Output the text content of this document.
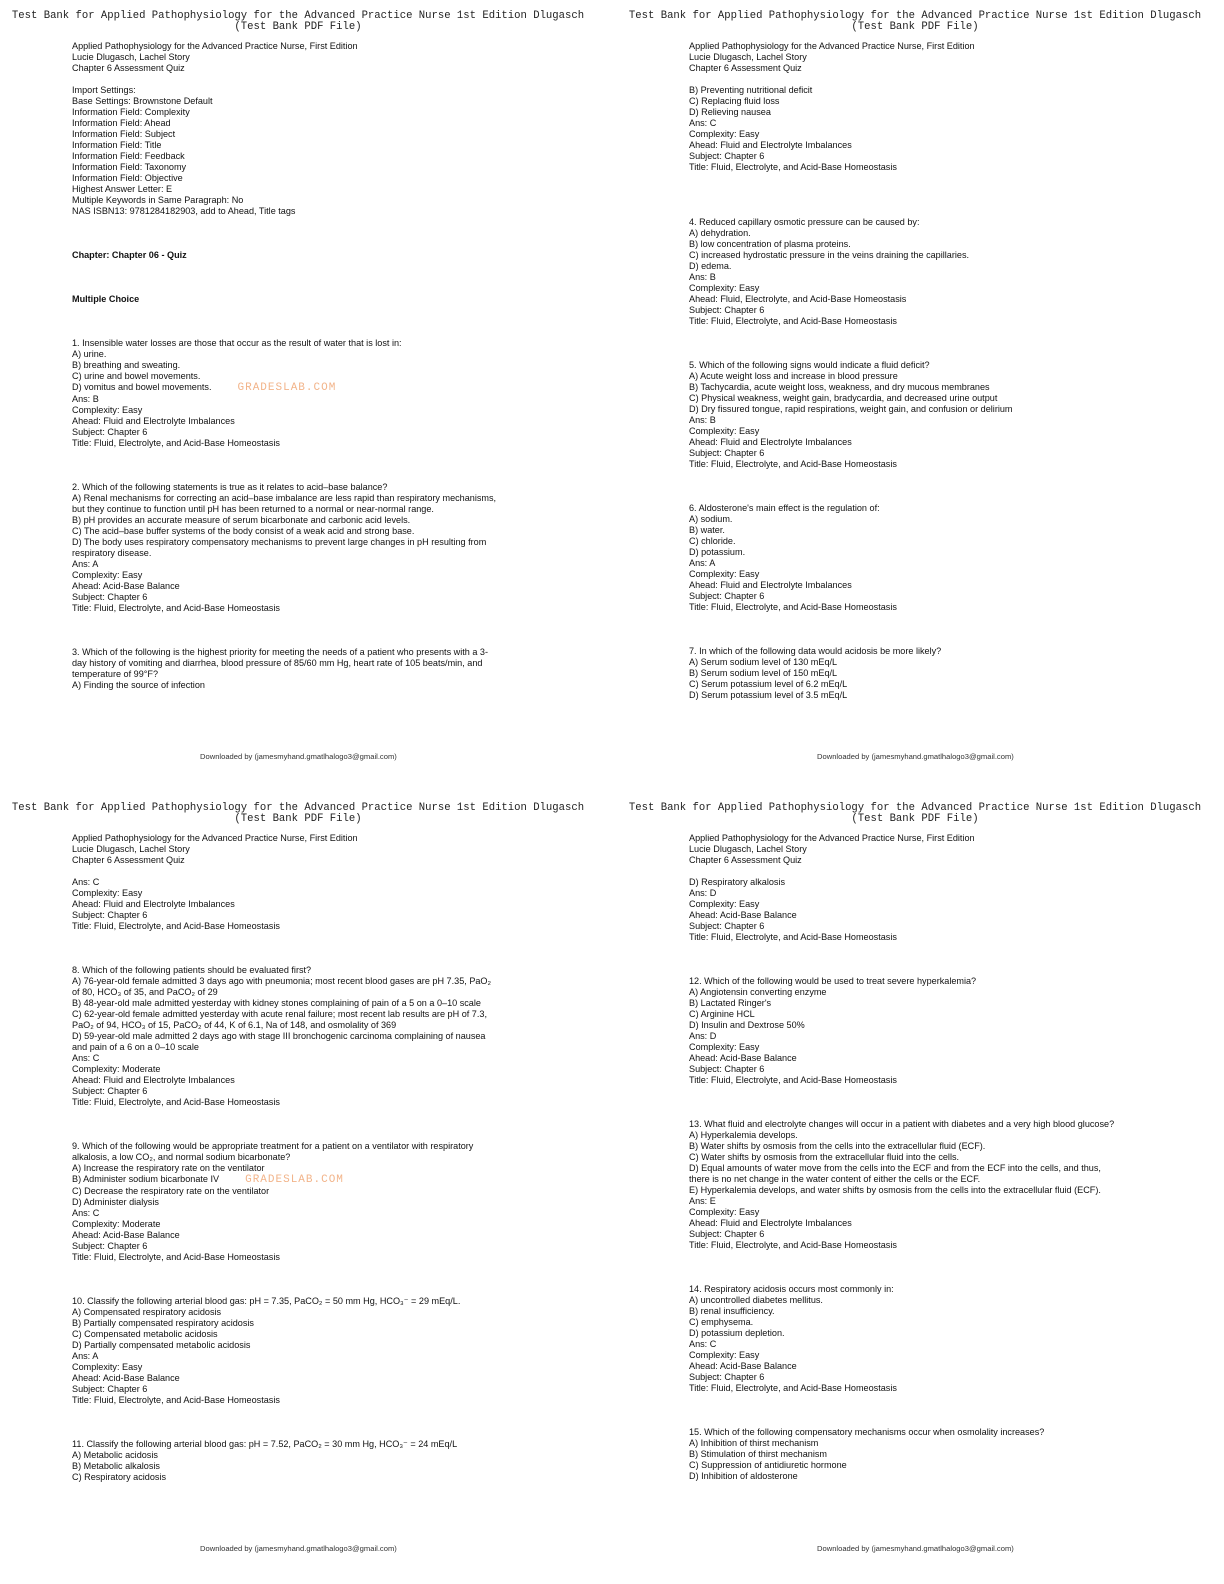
Test Bank for Applied Pathophysiology for the Advanced Practice Nurse 1st Edition Dlugasch
(Test Bank PDF File)
Applied Pathophysiology for the Advanced Practice Nurse, First Edition
Lucie Dlugasch, Lachel Story
Chapter 6 Assessment Quiz
Import Settings:
Base Settings: Brownstone Default
Information Field: Complexity
Information Field: Ahead
Information Field: Subject
Information Field: Title
Information Field: Feedback
Information Field: Taxonomy
Information Field: Objective
Highest Answer Letter: E
Multiple Keywords in Same Paragraph: No
NAS ISBN13: 9781284182903, add to Ahead, Title tags
Chapter: Chapter 06 - Quiz
Multiple Choice
1. Insensible water losses are those that occur as the result of water that is lost in:
A) urine.
B) breathing and sweating.
C) urine and bowel movements.
D) vomitus and bowel movements. GRADESLAB.COM
Ans: B
Complexity: Easy
Ahead: Fluid and Electrolyte Imbalances
Subject: Chapter 6
Title: Fluid, Electrolyte, and Acid-Base Homeostasis
2. Which of the following statements is true as it relates to acid–base balance?
A) Renal mechanisms for correcting an acid–base imbalance are less rapid than respiratory mechanisms,
but they continue to function until pH has been returned to a normal or near-normal range.
B) pH provides an accurate measure of serum bicarbonate and carbonic acid levels.
C) The acid–base buffer systems of the body consist of a weak acid and strong base.
D) The body uses respiratory compensatory mechanisms to prevent large changes in pH resulting from
respiratory disease.
Ans: A
Complexity: Easy
Ahead: Acid-Base Balance
Subject: Chapter 6
Title: Fluid, Electrolyte, and Acid-Base Homeostasis
3. Which of the following is the highest priority for meeting the needs of a patient who presents with a 3-
day history of vomiting and diarrhea, blood pressure of 85/60 mm Hg, heart rate of 105 beats/min, and
temperature of 99°F?
A) Finding the source of infection
Downloaded by (jamesmyhand.gmatlhalogo3@gmail.com)
Test Bank for Applied Pathophysiology for the Advanced Practice Nurse 1st Edition Dlugasch
(Test Bank PDF File)
Applied Pathophysiology for the Advanced Practice Nurse, First Edition
Lucie Dlugasch, Lachel Story
Chapter 6 Assessment Quiz
B) Preventing nutritional deficit
C) Replacing fluid loss
D) Relieving nausea
Ans: C
Complexity: Easy
Ahead: Fluid and Electrolyte Imbalances
Subject: Chapter 6
Title: Fluid, Electrolyte, and Acid-Base Homeostasis
4. Reduced capillary osmotic pressure can be caused by:
A) dehydration.
B) low concentration of plasma proteins.
C) increased hydrostatic pressure in the veins draining the capillaries.
D) edema.
Ans: B
Complexity: Easy
Ahead: Fluid, Electrolyte, and Acid-Base Homeostasis
Subject: Chapter 6
Title: Fluid, Electrolyte, and Acid-Base Homeostasis
5. Which of the following signs would indicate a fluid deficit?
A) Acute weight loss and increase in blood pressure
B) Tachycardia, acute weight loss, weakness, and dry mucous membranes
C) Physical weakness, weight gain, bradycardia, and decreased urine output
D) Dry fissured tongue, rapid respirations, weight gain, and confusion or delirium
Ans: B
Complexity: Easy
Ahead: Fluid and Electrolyte Imbalances
Subject: Chapter 6
Title: Fluid, Electrolyte, and Acid-Base Homeostasis
6. Aldosterone's main effect is the regulation of:
A) sodium.
B) water.
C) chloride.
D) potassium.
Ans: A
Complexity: Easy
Ahead: Fluid and Electrolyte Imbalances
Subject: Chapter 6
Title: Fluid, Electrolyte, and Acid-Base Homeostasis
7. In which of the following data would acidosis be more likely?
A) Serum sodium level of 130 mEq/L
B) Serum sodium level of 150 mEq/L
C) Serum potassium level of 6.2 mEq/L
D) Serum potassium level of 3.5 mEq/L
Downloaded by (jamesmyhand.gmatlhalogo3@gmail.com)
Test Bank for Applied Pathophysiology for the Advanced Practice Nurse 1st Edition Dlugasch
(Test Bank PDF File)
Applied Pathophysiology for the Advanced Practice Nurse, First Edition
Lucie Dlugasch, Lachel Story
Chapter 6 Assessment Quiz
Ans: C
Complexity: Easy
Ahead: Fluid and Electrolyte Imbalances
Subject: Chapter 6
Title: Fluid, Electrolyte, and Acid-Base Homeostasis
8. Which of the following patients should be evaluated first?
A) 76-year-old female admitted 3 days ago with pneumonia; most recent blood gases are pH 7.35, PaO₂
of 80, HCO₃ of 35, and PaCO₂ of 29
B) 48-year-old male admitted yesterday with kidney stones complaining of pain of a 5 on a 0–10 scale
C) 62-year-old female admitted yesterday with acute renal failure; most recent lab results are pH of 7.3,
PaO₂ of 94, HCO₃ of 15, PaCO₂ of 44, K of 6.1, Na of 148, and osmolality of 369
D) 59-year-old male admitted 2 days ago with stage III bronchogenic carcinoma complaining of nausea
and pain of a 6 on a 0–10 scale
Ans: C
Complexity: Moderate
Ahead: Fluid and Electrolyte Imbalances
Subject: Chapter 6
Title: Fluid, Electrolyte, and Acid-Base Homeostasis
9. Which of the following would be appropriate treatment for a patient on a ventilator with respiratory
alkalosis, a low CO₂, and normal sodium bicarbonate?
A) Increase the respiratory rate on the ventilator
B) Administer sodium bicarbonate IV GRADESLAB.COM
C) Decrease the respiratory rate on the ventilator
D) Administer dialysis
Ans: C
Complexity: Moderate
Ahead: Acid-Base Balance
Subject: Chapter 6
Title: Fluid, Electrolyte, and Acid-Base Homeostasis
10. Classify the following arterial blood gas: pH = 7.35, PaCO₂ = 50 mm Hg, HCO₃⁻ = 29 mEq/L.
A) Compensated respiratory acidosis
B) Partially compensated respiratory acidosis
C) Compensated metabolic acidosis
D) Partially compensated metabolic acidosis
Ans: A
Complexity: Easy
Ahead: Acid-Base Balance
Subject: Chapter 6
Title: Fluid, Electrolyte, and Acid-Base Homeostasis
11. Classify the following arterial blood gas: pH = 7.52, PaCO₂ = 30 mm Hg, HCO₃⁻ = 24 mEq/L
A) Metabolic acidosis
B) Metabolic alkalosis
C) Respiratory acidosis
Downloaded by (jamesmyhand.gmatlhalogo3@gmail.com)
Test Bank for Applied Pathophysiology for the Advanced Practice Nurse 1st Edition Dlugasch
(Test Bank PDF File)
Applied Pathophysiology for the Advanced Practice Nurse, First Edition
Lucie Dlugasch, Lachel Story
Chapter 6 Assessment Quiz
D) Respiratory alkalosis
Ans: D
Complexity: Easy
Ahead: Acid-Base Balance
Subject: Chapter 6
Title: Fluid, Electrolyte, and Acid-Base Homeostasis
12. Which of the following would be used to treat severe hyperkalemia?
A) Angiotensin converting enzyme
B) Lactated Ringer's
C) Arginine HCL
D) Insulin and Dextrose 50%
Ans: D
Complexity: Easy
Ahead: Acid-Base Balance
Subject: Chapter 6
Title: Fluid, Electrolyte, and Acid-Base Homeostasis
13. What fluid and electrolyte changes will occur in a patient with diabetes and a very high blood glucose?
A) Hyperkalemia develops.
B) Water shifts by osmosis from the cells into the extracellular fluid (ECF).
C) Water shifts by osmosis from the extracellular fluid into the cells.
D) Equal amounts of water move from the cells into the ECF and from the ECF into the cells, and thus,
there is no net change in the water content of either the cells or the ECF.
E) Hyperkalemia develops, and water shifts by osmosis from the cells into the extracellular fluid (ECF).
Ans: E
Complexity: Easy
Ahead: Fluid and Electrolyte Imbalances
Subject: Chapter 6
Title: Fluid, Electrolyte, and Acid-Base Homeostasis
14. Respiratory acidosis occurs most commonly in:
A) uncontrolled diabetes mellitus.
B) renal insufficiency.
C) emphysema.
D) potassium depletion.
Ans: C
Complexity: Easy
Ahead: Acid-Base Balance
Subject: Chapter 6
Title: Fluid, Electrolyte, and Acid-Base Homeostasis
15. Which of the following compensatory mechanisms occur when osmolality increases?
A) Inhibition of thirst mechanism
B) Stimulation of thirst mechanism
C) Suppression of antidiuretic hormone
D) Inhibition of aldosterone
Downloaded by (jamesmyhand.gmatlhalogo3@gmail.com)
